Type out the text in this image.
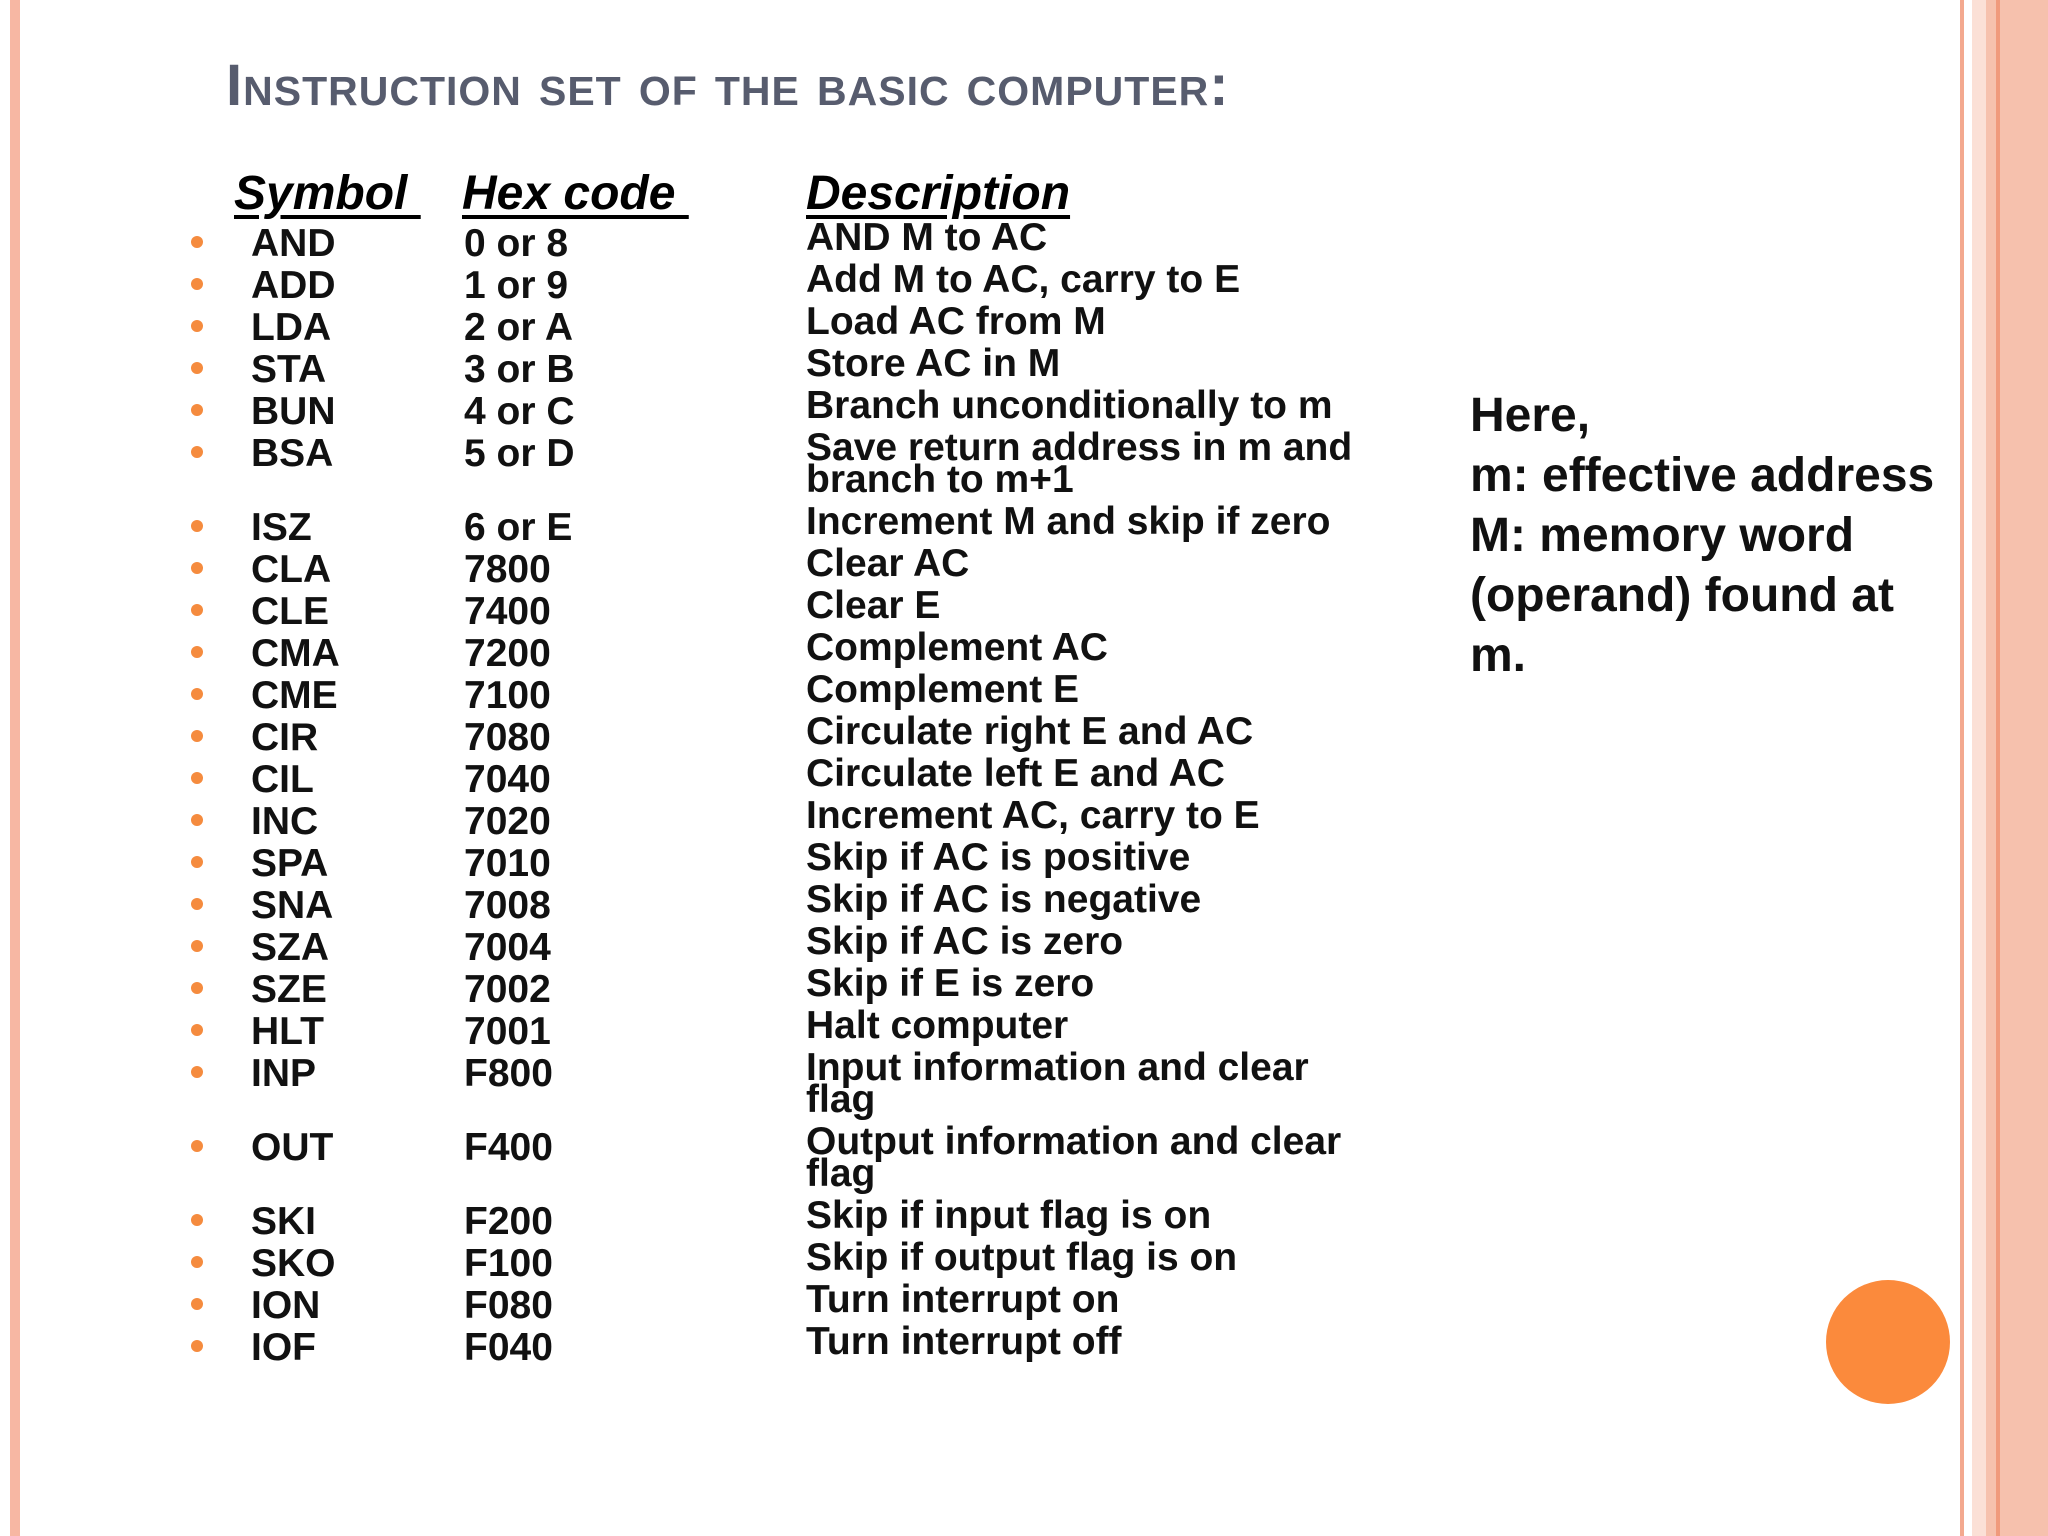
Instruction set of the basic computer:
Symbol Hex code Description
AND	0 or 8	AND M to AC
ADD	1 or 9	Add M to AC, carry to E
LDA	2 or A	Load AC from M
STA	3 or B	Store AC in M
BUN	4 or C	Branch unconditionally to m
BSA	5 or D	Save return address in m and branch to m+1
ISZ	6 or E	Increment M and skip if zero
CLA	7800	Clear AC
CLE	7400	Clear E
CMA	7200	Complement AC
CME	7100	Complement E
CIR	7080	Circulate right E and AC
CIL	7040	Circulate left E and AC
INC	7020	Increment AC, carry to E
SPA	7010	Skip if AC is positive
SNA	7008	Skip if AC is negative
SZA	7004	Skip if AC is zero
SZE	7002	Skip if E is zero
HLT	7001	Halt computer
INP	F800	Input information and clear flag
OUT	F400	Output information and clear flag
SKI	F200	Skip if input flag is on
SKO	F100	Skip if output flag is on
ION	F080	Turn interrupt on
IOF	F040	Turn interrupt off
Here,
m: effective address
M: memory word
(operand) found at
m.
